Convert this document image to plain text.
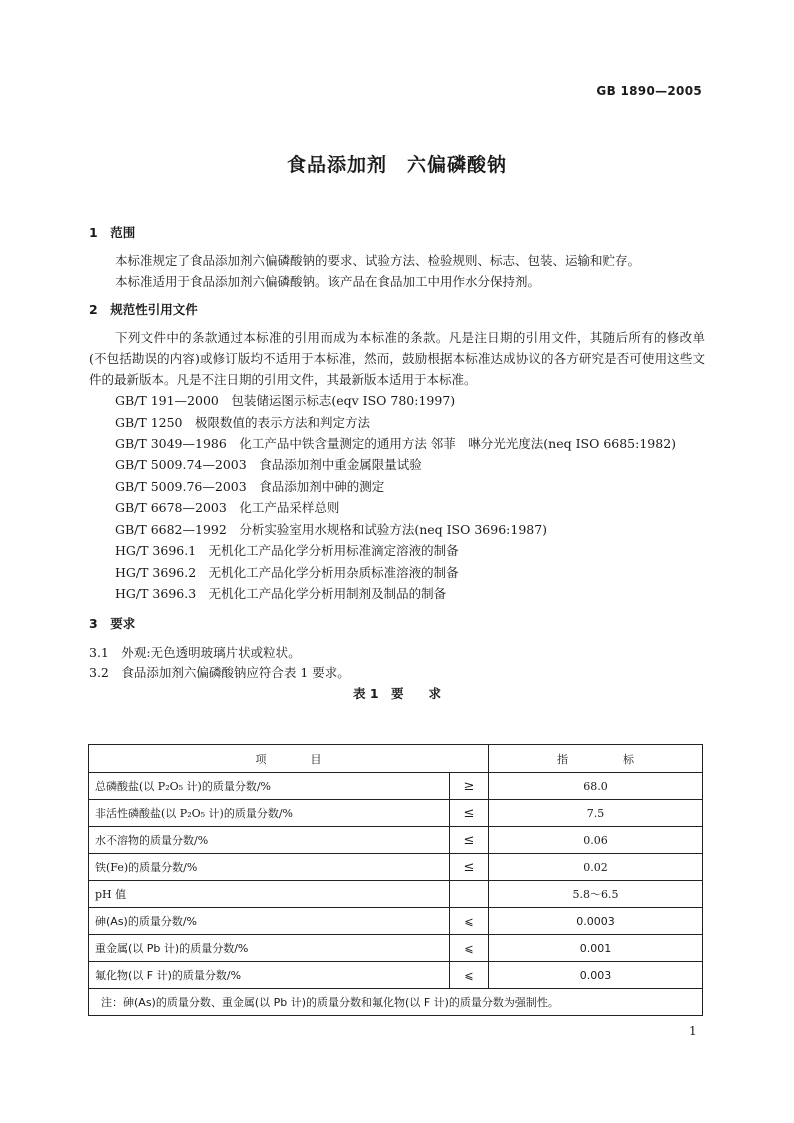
GB 1890—2005
食品添加剂　六偏磷酸钠

1　范围

本标准规定了食品添加剂六偏磷酸钠的要求、试验方法、检验规则、标志、包装、运输和贮存。

本标准适用于食品添加剂六偏磷酸钠。该产品在食品加工中用作水分保持剂。

2　规范性引用文件

下列文件中的条款通过本标准的引用而成为本标准的条款。凡是注日期的引用文件，其随后所有的修改单(不包括勘误的内容)或修订版均不适用于本标准，然而，鼓励根据本标准达成协议的各方研究是否可使用这些文件的最新版本。凡是不注日期的引用文件，其最新版本适用于本标准。

GB/T 191—2000　包装储运图示标志(eqv ISO 780:1997)

GB/T 1250　极限数值的表示方法和判定方法

GB/T 3049—1986　化工产品中铁含量测定的通用方法 邻菲　啉分光光度法(neq ISO 6685:1982)

GB/T 5009.74—2003　食品添加剂中重金属限量试验

GB/T 5009.76—2003　食品添加剂中砷的测定

GB/T 6678—2003　化工产品采样总则

GB/T 6682—1992　分析实验室用水规格和试验方法(neq ISO 3696:1987)

HG/T 3696.1　无机化工产品化学分析用标准滴定溶液的制备

HG/T 3696.2　无机化工产品化学分析用杂质标准溶液的制备

HG/T 3696.3　无机化工产品化学分析用制剂及制品的制备

3　要求

3.1　外观:无色透明玻璃片状或粒状。

3.2　食品添加剂六偏磷酸钠应符合表 1 要求。

表 1　要　　求

项　　　　目		指　　　　　标
总磷酸盐(以 P₂O₅ 计)的质量分数/%	≥	68.0
非活性磷酸盐(以 P₂O₅ 计)的质量分数/%	≤	7.5
水不溶物的质量分数/%	≤	0.06
铁(Fe)的质量分数/%	≤	0.02
pH 值		5.8～6.5
砷(As)的质量分数/%	⩽	0.0003
重金属(以 Pb 计)的质量分数/%	⩽	0.001
氟化物(以 F 计)的质量分数/%	⩽	0.003
注：砷(As)的质量分数、重金属(以 Pb 计)的质量分数和氟化物(以 F 计)的质量分数为强制性。		
1
